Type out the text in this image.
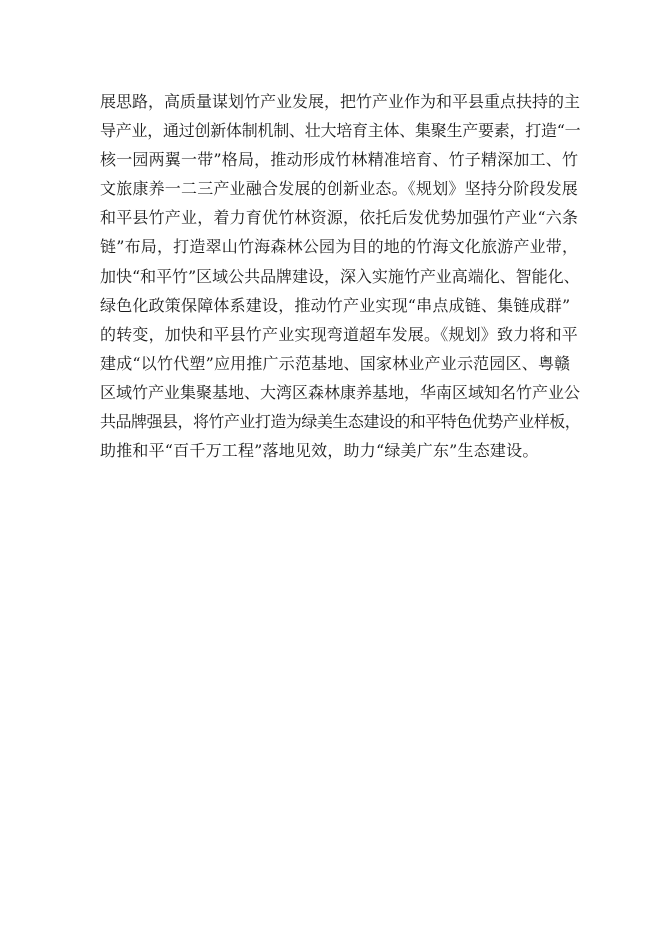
展思路，高质量谋划竹产业发展，把竹产业作为和平县重点扶持的主
导产业，通过创新体制机制、壮大培育主体、集聚生产要素，打造“一
核一园两翼一带”格局，推动形成竹林精准培育、竹子精深加工、竹
文旅康养一二三产业融合发展的创新业态。《规划》坚持分阶段发展
和平县竹产业，着力育优竹林资源，依托后发优势加强竹产业“六条
链”布局，打造翠山竹海森林公园为目的地的竹海文化旅游产业带，
加快“和平竹”区域公共品牌建设，深入实施竹产业高端化、智能化、
绿色化政策保障体系建设，推动竹产业实现“串点成链、集链成群”
的转变，加快和平县竹产业实现弯道超车发展。《规划》致力将和平
建成“以竹代塑”应用推广示范基地、国家林业产业示范园区、粤赣
区域竹产业集聚基地、大湾区森林康养基地，华南区域知名竹产业公
共品牌强县，将竹产业打造为绿美生态建设的和平特色优势产业样板，
助推和平“百千万工程”落地见效，助力“绿美广东”生态建设。
